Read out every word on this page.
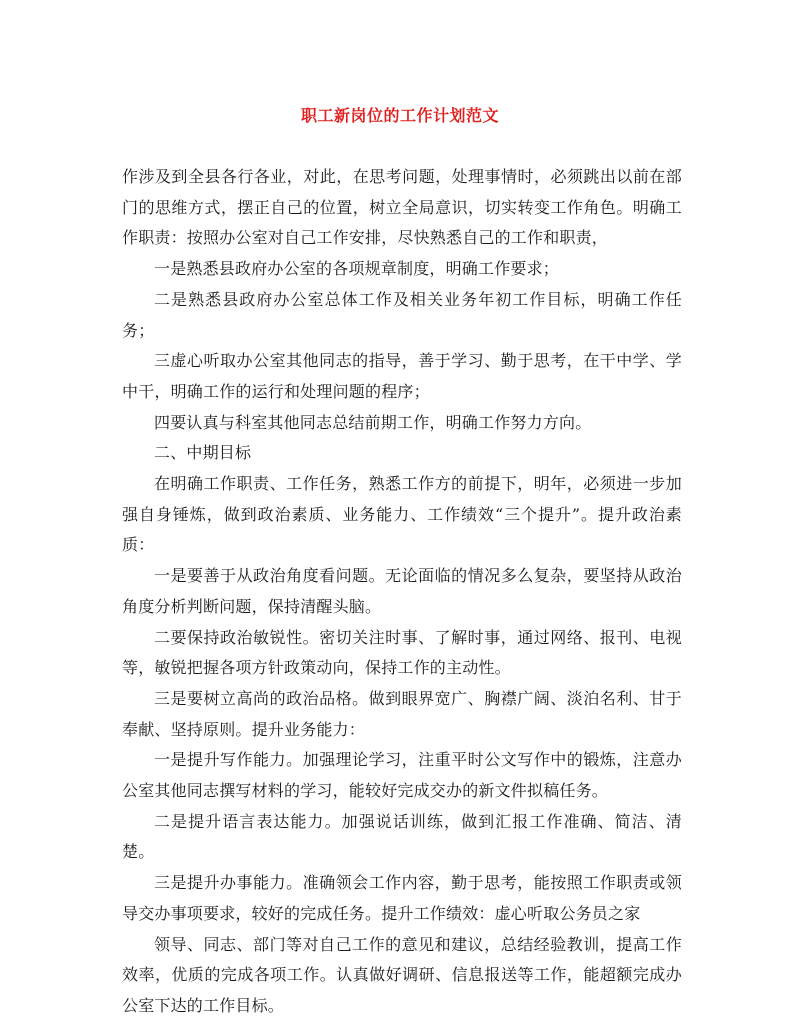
职工新岗位的工作计划范文

作涉及到全县各行各业，对此，在思考问题，处理事情时，必须跳出以前在部门的思维方式，摆正自己的位置，树立全局意识，切实转变工作角色。明确工作职责：按照办公室对自己工作安排，尽快熟悉自己的工作和职责，

一是熟悉县政府办公室的各项规章制度，明确工作要求；

二是熟悉县政府办公室总体工作及相关业务年初工作目标，明确工作任务；

三虚心听取办公室其他同志的指导，善于学习、勤于思考，在干中学、学中干，明确工作的运行和处理问题的程序；

四要认真与科室其他同志总结前期工作，明确工作努力方向。

二、中期目标

在明确工作职责、工作任务，熟悉工作方的前提下，明年，必须进一步加强自身锤炼，做到政治素质、业务能力、工作绩效“三个提升”。提升政治素质：

一是要善于从政治角度看问题。无论面临的情况多么复杂，要坚持从政治角度分析判断问题，保持清醒头脑。

二要保持政治敏锐性。密切关注时事、了解时事，通过网络、报刊、电视等，敏锐把握各项方针政策动向，保持工作的主动性。

三是要树立高尚的政治品格。做到眼界宽广、胸襟广阔、淡泊名利、甘于奉献、坚持原则。提升业务能力：

一是提升写作能力。加强理论学习，注重平时公文写作中的锻炼，注意办公室其他同志撰写材料的学习，能较好完成交办的新文件拟稿任务。

二是提升语言表达能力。加强说话训练，做到汇报工作准确、简洁、清楚。

三是提升办事能力。准确领会工作内容，勤于思考，能按照工作职责或领导交办事项要求，较好的完成任务。提升工作绩效：虚心听取公务员之家

领导、同志、部门等对自己工作的意见和建议，总结经验教训，提高工作效率，优质的完成各项工作。认真做好调研、信息报送等工作，能超额完成办公室下达的工作目标。
